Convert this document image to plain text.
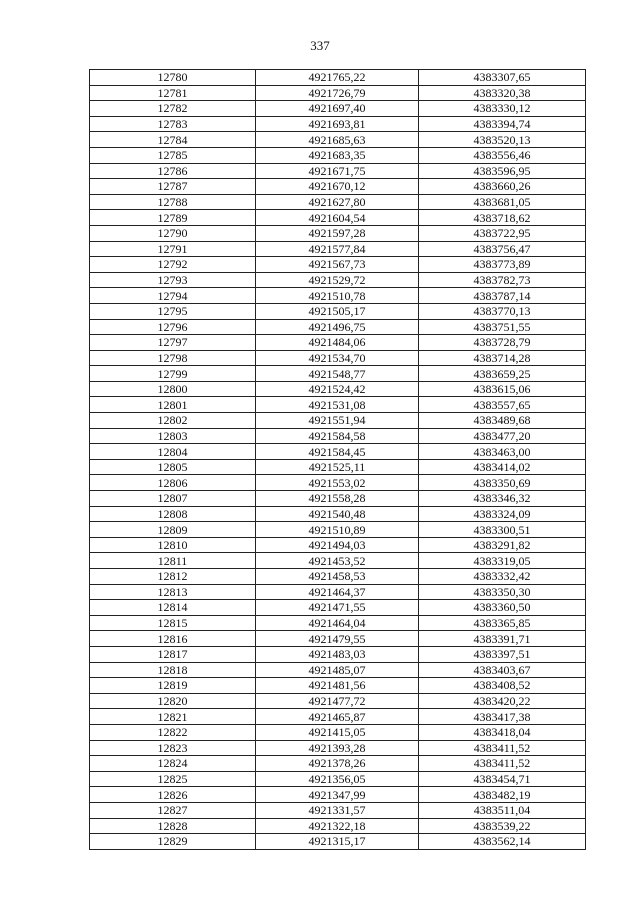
337
12780	4921765,22	4383307,65
12781	4921726,79	4383320,38
12782	4921697,40	4383330,12
12783	4921693,81	4383394,74
12784	4921685,63	4383520,13
12785	4921683,35	4383556,46
12786	4921671,75	4383596,95
12787	4921670,12	4383660,26
12788	4921627,80	4383681,05
12789	4921604,54	4383718,62
12790	4921597,28	4383722,95
12791	4921577,84	4383756,47
12792	4921567,73	4383773,89
12793	4921529,72	4383782,73
12794	4921510,78	4383787,14
12795	4921505,17	4383770,13
12796	4921496,75	4383751,55
12797	4921484,06	4383728,79
12798	4921534,70	4383714,28
12799	4921548,77	4383659,25
12800	4921524,42	4383615,06
12801	4921531,08	4383557,65
12802	4921551,94	4383489,68
12803	4921584,58	4383477,20
12804	4921584,45	4383463,00
12805	4921525,11	4383414,02
12806	4921553,02	4383350,69
12807	4921558,28	4383346,32
12808	4921540,48	4383324,09
12809	4921510,89	4383300,51
12810	4921494,03	4383291,82
12811	4921453,52	4383319,05
12812	4921458,53	4383332,42
12813	4921464,37	4383350,30
12814	4921471,55	4383360,50
12815	4921464,04	4383365,85
12816	4921479,55	4383391,71
12817	4921483,03	4383397,51
12818	4921485,07	4383403,67
12819	4921481,56	4383408,52
12820	4921477,72	4383420,22
12821	4921465,87	4383417,38
12822	4921415,05	4383418,04
12823	4921393,28	4383411,52
12824	4921378,26	4383411,52
12825	4921356,05	4383454,71
12826	4921347,99	4383482,19
12827	4921331,57	4383511,04
12828	4921322,18	4383539,22
12829	4921315,17	4383562,14
